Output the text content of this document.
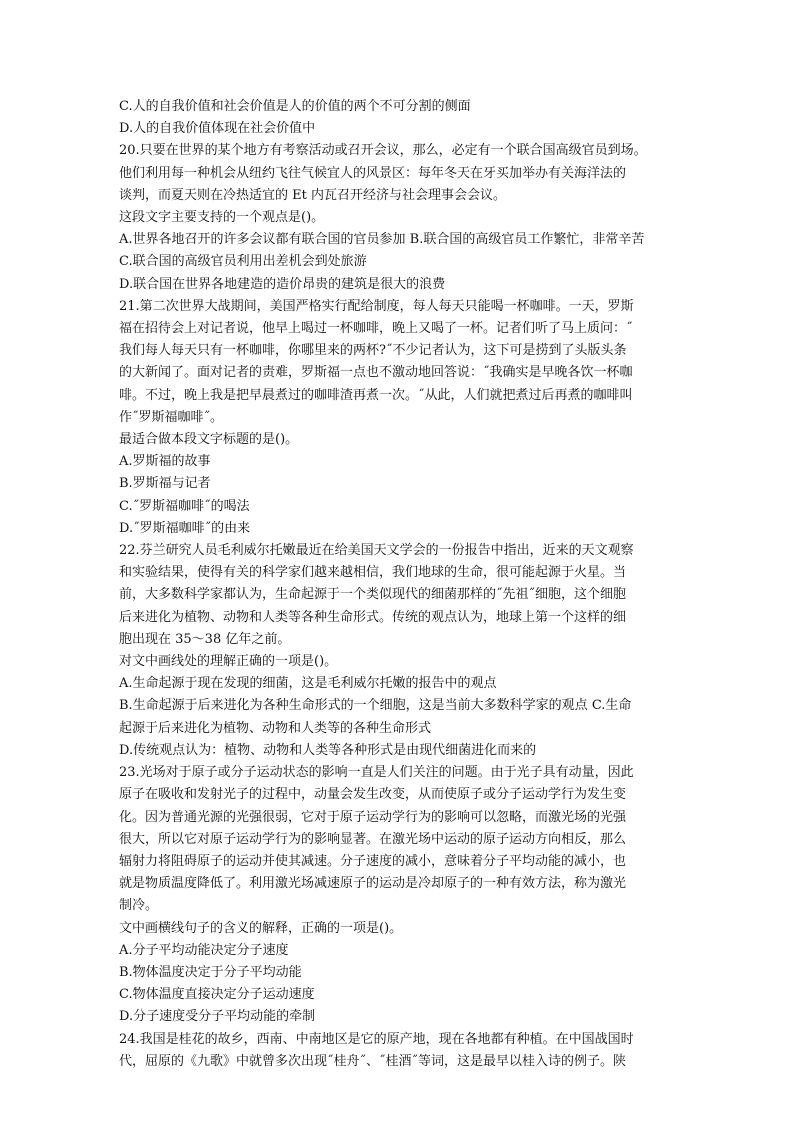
C.人的自我价值和社会价值是人的价值的两个不可分割的侧面

D.人的自我价值体现在社会价值中

20.只要在世界的某个地方有考察活动或召开会议，那么，必定有一个联合国高级官员到场。

他们利用每一种机会从纽约飞往气候宜人的风景区：每年冬天在牙买加举办有关海洋法的

谈判，而夏天则在冷热适宜的 Et 内瓦召开经济与社会理事会会议。

这段文字主要支持的一个观点是()。

A.世界各地召开的许多会议都有联合国的官员参加 B.联合国的高级官员工作繁忙，非常辛苦

C.联合国的高级官员利用出差机会到处旅游

D.联合国在世界各地建造的造价昂贵的建筑是很大的浪费

21.第二次世界大战期间，美国严格实行配给制度，每人每天只能喝一杯咖啡。一天，罗斯

福在招待会上对记者说，他早上喝过一杯咖啡，晚上又喝了一杯。记者们听了马上质问：˝

我们每人每天只有一杯咖啡，你哪里来的两杯?˝不少记者认为，这下可是捞到了头版头条

的大新闻了。面对记者的责难，罗斯福一点也不激动地回答说：˝我确实是早晚各饮一杯咖

啡。不过，晚上我是把早晨煮过的咖啡渣再煮一次。˝从此，人们就把煮过后再煮的咖啡叫

作˝罗斯福咖啡˝。

最适合做本段文字标题的是()。

A.罗斯福的故事

B.罗斯福与记者

C.˝罗斯福咖啡˝的喝法

D.˝罗斯福咖啡˝的由来

22.芬兰研究人员毛利威尔托嫩最近在给美国天文学会的一份报告中指出，近来的天文观察

和实验结果，使得有关的科学家们越来越相信，我们地球的生命，很可能起源于火星。当

前，大多数科学家都认为，生命起源于一个类似现代的细菌那样的˝先祖˝细胞，这个细胞

后来进化为植物、动物和人类等各种生命形式。传统的观点认为，地球上第一个这样的细

胞出现在 35～38 亿年之前。

对文中画线处的理解正确的一项是()。

A.生命起源于现在发现的细菌，这是毛利威尔托嫩的报告中的观点

B.生命起源于后来进化为各种生命形式的一个细胞，这是当前大多数科学家的观点 C.生命

起源于后来进化为植物、动物和人类等的各种生命形式

D.传统观点认为：植物、动物和人类等各种形式是由现代细菌进化而来的

23.光场对于原子或分子运动状态的影响一直是人们关注的问题。由于光子具有动量，因此

原子在吸收和发射光子的过程中，动量会发生改变，从而使原子或分子运动学行为发生变

化。因为普通光源的光强很弱，它对于原子运动学行为的影响可以忽略，而激光场的光强

很大，所以它对原子运动学行为的影响显著。在激光场中运动的原子运动方向相反，那么

辐射力将阻碍原子的运动并使其减速。分子速度的减小，意味着分子平均动能的减小，也

就是物质温度降低了。利用激光场减速原子的运动是冷却原子的一种有效方法，称为激光

制冷。

文中画横线句子的含义的解释，正确的一项是()。

A.分子平均动能决定分子速度

B.物体温度决定于分子平均动能

C.物体温度直接决定分子运动速度

D.分子速度受分子平均动能的牵制

24.我国是桂花的故乡，西南、中南地区是它的原产地，现在各地都有种植。在中国战国时

代，屈原的《九歌》中就曾多次出现˝桂舟˝、˝桂酒˝等词，这是最早以桂入诗的例子。陕
